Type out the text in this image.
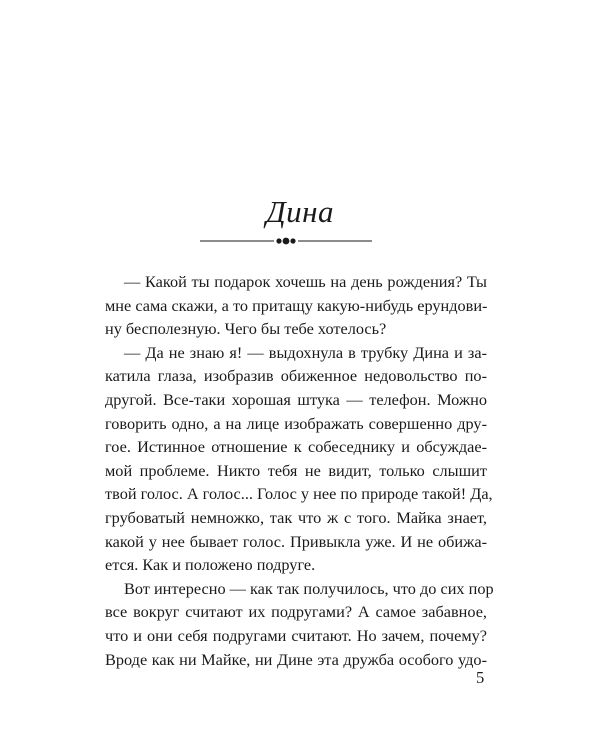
Дина

— Какой ты подарок хочешь на день рождения? Ты
мне сама скажи, а то притащу какую-нибудь ерундови-
ну бесполезную. Чего бы тебе хотелось?

— Да не знаю я! — выдохнула в трубку Дина и за-
катила глаза, изобразив обиженное недовольство по-
другой. Все-таки хорошая штука — телефон. Можно
говорить одно, а на лице изображать совершенно дру-
гое. Истинное отношение к собеседнику и обсуждае-
мой проблеме. Никто тебя не видит, только слышит
твой голос. А голос... Голос у нее по природе такой! Да,
грубоватый немножко, так что ж с того. Майка знает,
какой у нее бывает голос. Привыкла уже. И не обижа-
ется. Как и положено подруге.

Вот интересно — как так получилось, что до сих пор
все вокруг считают их подругами? А самое забавное,
что и они себя подругами считают. Но зачем, почему?
Вроде как ни Майке, ни Дине эта дружба особого удо-

5
